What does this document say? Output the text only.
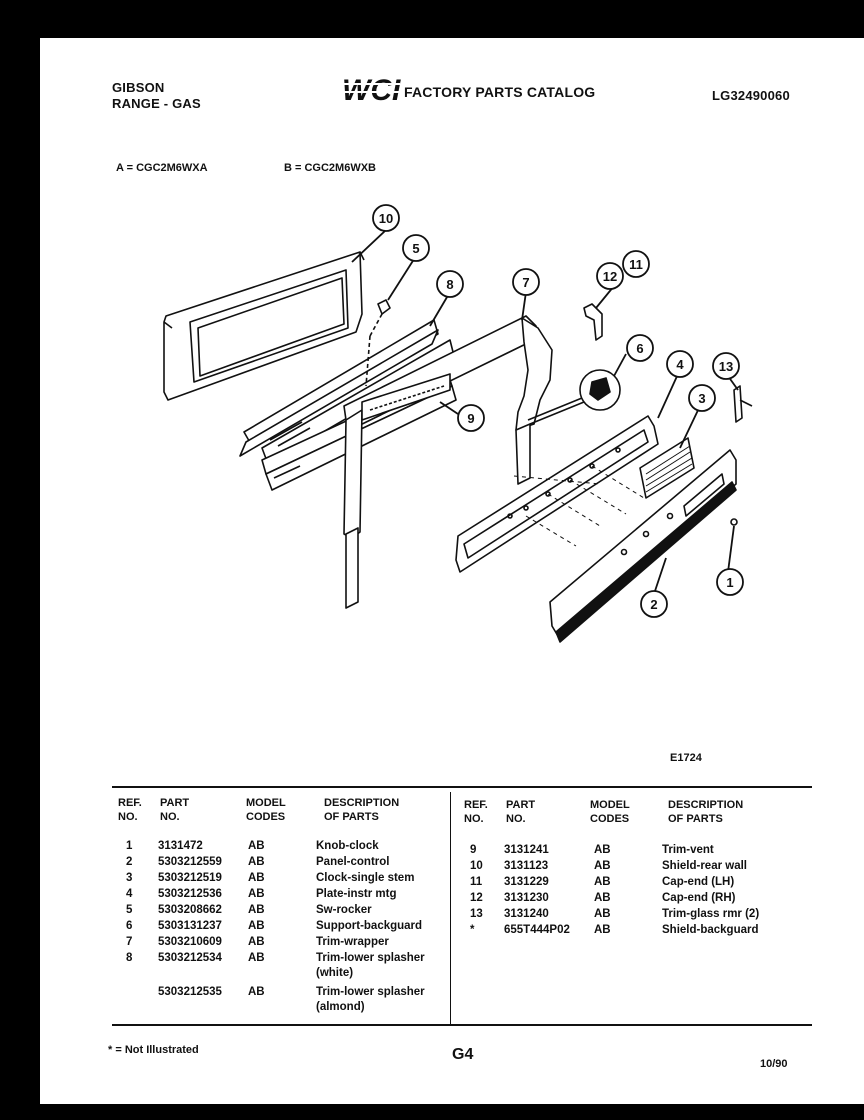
GIBSON
RANGE - GAS	WCI FACTORY PARTS CATALOG	LG32490060
A = CGC2M6WXA	B = CGC2M6WXB
10
5
8	7
9
6
12
11
4
3
13
1
2
E1724
REF.
NO.
PART
NO.
MODEL
CODES
DESCRIPTION
OF PARTS
REF.
NO.
PART
NO.
MODEL
CODES
DESCRIPTION
OF PARTS
1 3131472	AB	Knob-clock
2 5303212559 AB	Panel-control
3 5303212519 AB	Clock-single stem
4 5303212536 AB	Plate-instr mtg
5 5303208662 AB	Sw-rocker
6 5303131237 AB	Support-backguard
7 5303210609 AB	Trim-wrapper
8 5303212534 AB	Trim-lower splasher
(white)
5303212535 AB	Trim-lower splasher
(almond)
9 3131241	AB	Trim-vent
10 3131123	AB	Shield-rear wall
11 3131229	AB	Cap-end (LH)
12 3131230	AB	Cap-end (RH)
13 3131240	AB	Trim-glass rmr (2)
*	655T444P02 AB	Shield-backguard
* = Not Illustrated	G4
10/90
